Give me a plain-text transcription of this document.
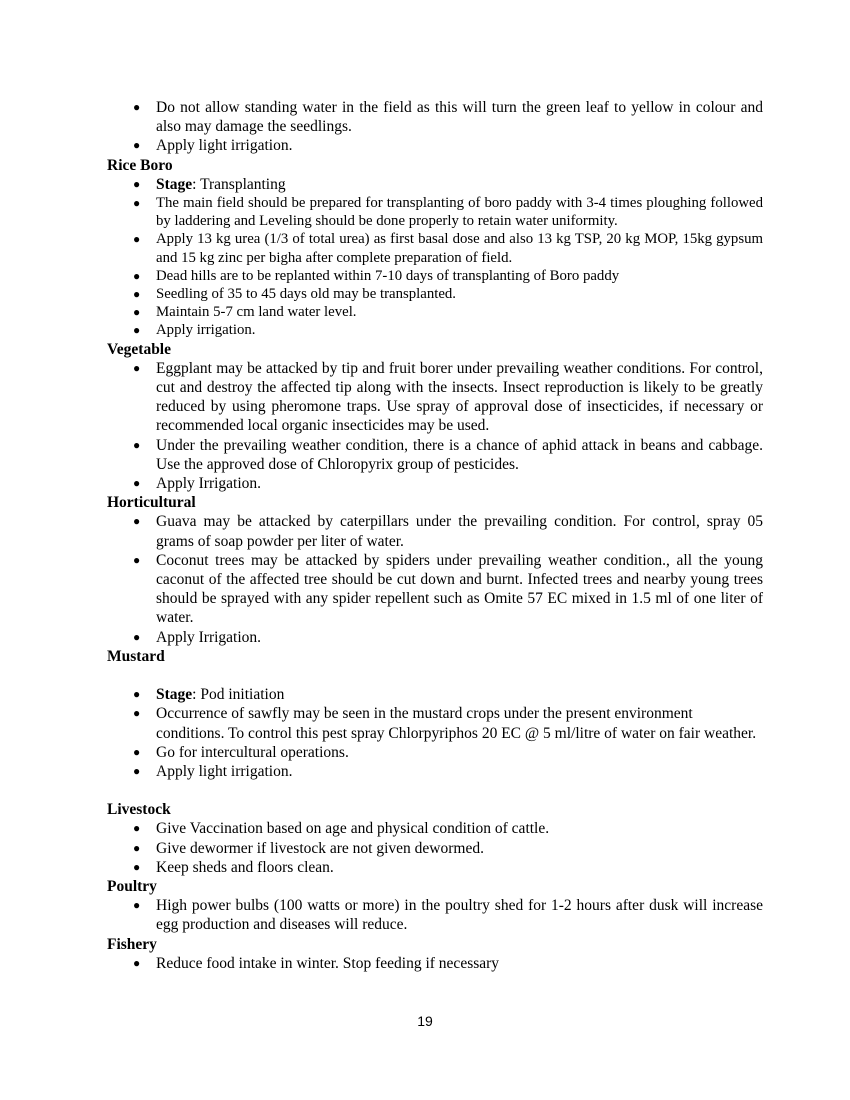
● Do not allow standing water in the field as this will turn the green leaf to yellow in colour and also may damage the seedlings.
● Apply light irrigation.
Rice Boro
● Stage: Transplanting
● The main field should be prepared for transplanting of boro paddy with 3-4 times ploughing followed by laddering and Leveling should be done properly to retain water uniformity.
● Apply 13 kg urea (1/3 of total urea) as first basal dose and also 13 kg TSP, 20 kg MOP, 15kg gypsum and 15 kg zinc per bigha after complete preparation of field.
● Dead hills are to be replanted within 7-10 days of transplanting of Boro paddy
● Seedling of 35 to 45 days old may be transplanted.
● Maintain 5-7 cm land water level.
● Apply irrigation.
Vegetable
● Eggplant may be attacked by tip and fruit borer under prevailing weather conditions. For control, cut and destroy the affected tip along with the insects. Insect reproduction is likely to be greatly reduced by using pheromone traps. Use spray of approval dose of insecticides, if necessary or recommended local organic insecticides may be used.
● Under the prevailing weather condition, there is a chance of aphid attack in beans and cabbage. Use the approved dose of Chloropyrix group of pesticides.
● Apply Irrigation.
Horticultural
● Guava may be attacked by caterpillars under the prevailing condition. For control, spray 05 grams of soap powder per liter of water.
● Coconut trees may be attacked by spiders under prevailing weather condition., all the young caconut of the affected tree should be cut down and burnt. Infected trees and nearby young trees should be sprayed with any spider repellent such as Omite 57 EC mixed in 1.5 ml of one liter of water.
● Apply Irrigation.
Mustard
● Stage: Pod initiation
● Occurrence of sawfly may be seen in the mustard crops under the present environment conditions. To control this pest spray Chlorpyriphos 20 EC @ 5 ml/litre of water on fair weather.
● Go for intercultural operations.
● Apply light irrigation.
Livestock
● Give Vaccination based on age and physical condition of cattle.
● Give dewormer if livestock are not given dewormed.
● Keep sheds and floors clean.
Poultry
● High power bulbs (100 watts or more) in the poultry shed for 1-2 hours after dusk will increase egg production and diseases will reduce.
Fishery
● Reduce food intake in winter. Stop feeding if necessary
19
